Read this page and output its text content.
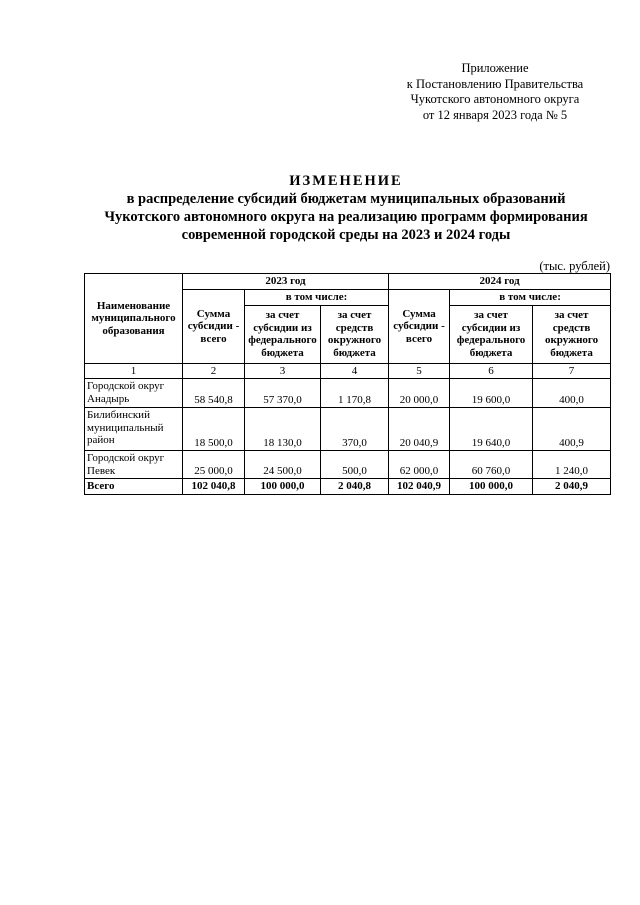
Приложение
к Постановлению Правительства
Чукотского автономного округа
от 12 января 2023 года № 5
ИЗМЕНЕНИЕ
в распределение субсидий бюджетам муниципальных образований
Чукотского автономного округа на реализацию программ формирования
современной городской среды на 2023 и 2024 годы
(тыс. рублей)
Наименование муниципального образования	2023 год			2024 год		
	Сумма субсидии - всего	в том числе:		Сумма субсидии - всего	в том числе:	
		за счет субсидии из федерального бюджета	за счет средств окружного бюджета		за счет субсидии из федерального бюджета	за счет средств окружного бюджета
1	2	3	4	5	6	7
Городской округ Анадырь	58 540,8	57 370,0	1 170,8	20 000,0	19 600,0	400,0
Билибинский муниципальный район	18 500,0	18 130,0	370,0	20 040,9	19 640,0	400,9
Городской округ Певек	25 000,0	24 500,0	500,0	62 000,0	60 760,0	1 240,0
Всего	102 040,8	100 000,0	2 040,8	102 040,9	100 000,0	2 040,9
